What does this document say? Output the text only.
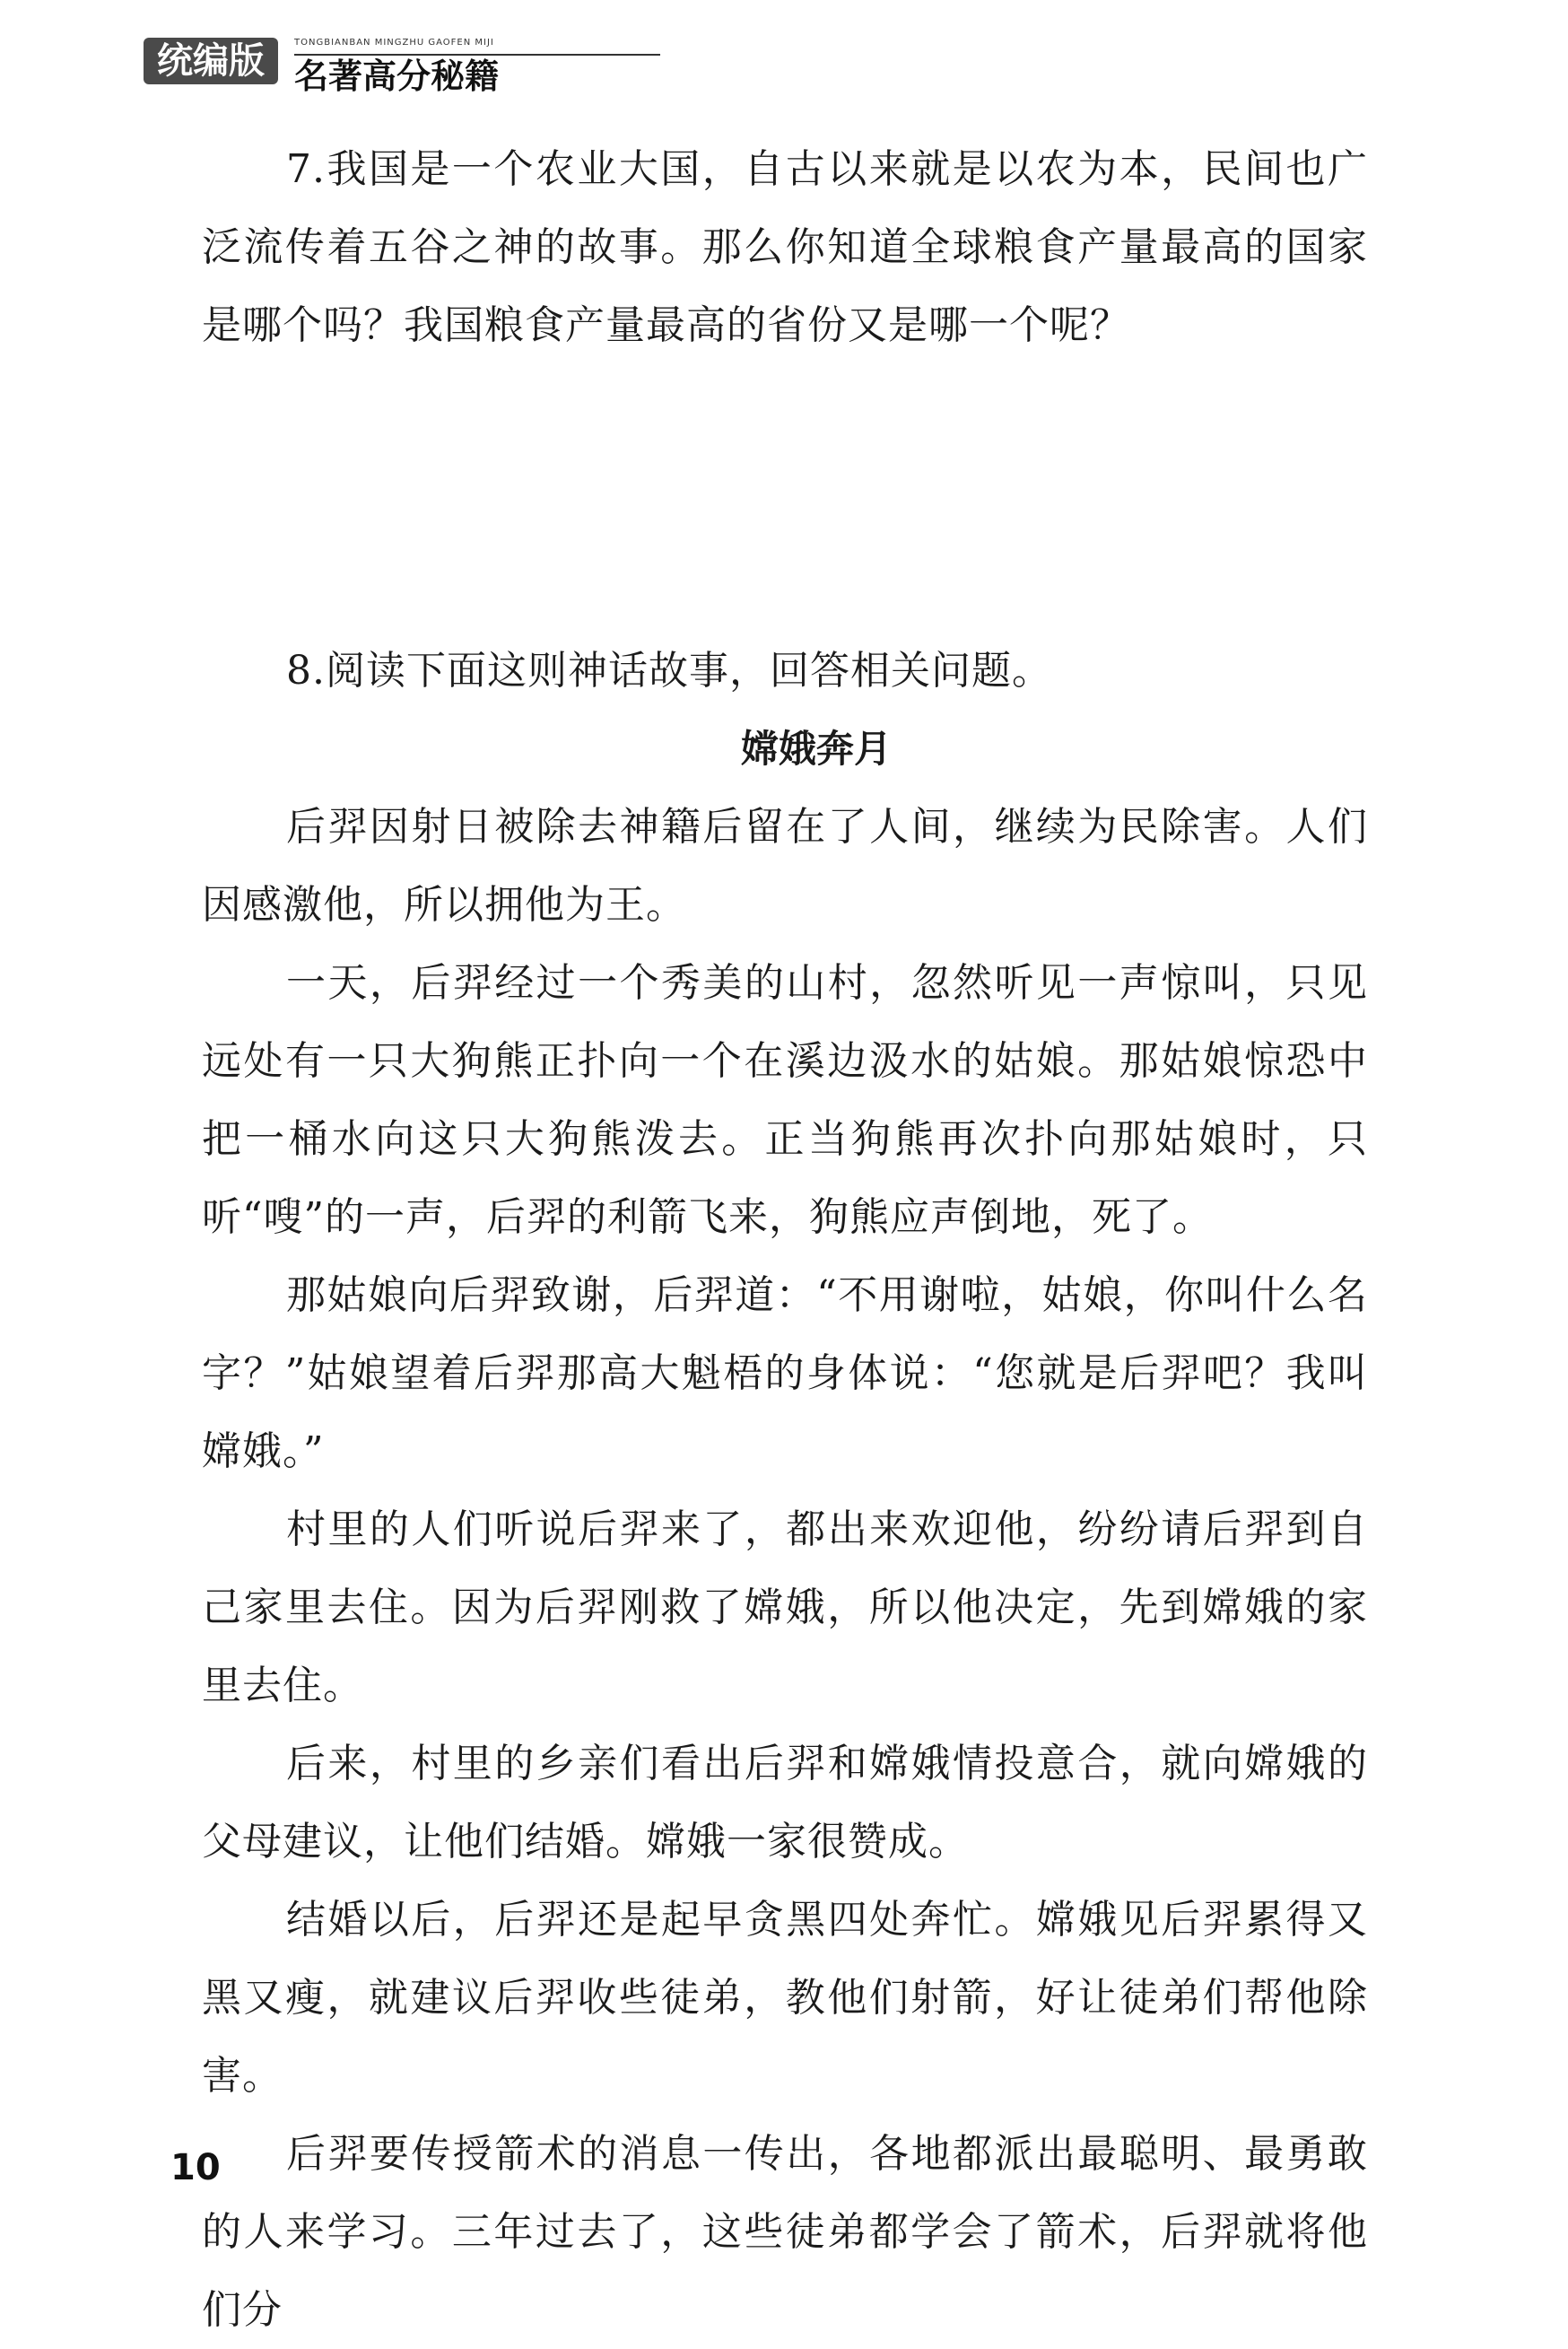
统编版	TONGBIANBAN MINGZHU GAOFEN MIJI
名著高分秘籍

7.我国是一个农业大国，自古以来就是以农为本，民间也广泛流传着五谷之神的故事。那么你知道全球粮食产量最高的国家是哪个吗？我国粮食产量最高的省份又是哪一个呢？

8.阅读下面这则神话故事，回答相关问题。

嫦娥奔月

后羿因射日被除去神籍后留在了人间，继续为民除害。人们因感激他，所以拥他为王。

一天，后羿经过一个秀美的山村，忽然听见一声惊叫，只见远处有一只大狗熊正扑向一个在溪边汲水的姑娘。那姑娘惊恐中把一桶水向这只大狗熊泼去。正当狗熊再次扑向那姑娘时，只听“嗖”的一声，后羿的利箭飞来，狗熊应声倒地，死了。

那姑娘向后羿致谢，后羿道：“不用谢啦，姑娘，你叫什么名字？”姑娘望着后羿那高大魁梧的身体说：“您就是后羿吧？我叫嫦娥。”

村里的人们听说后羿来了，都出来欢迎他，纷纷请后羿到自己家里去住。因为后羿刚救了嫦娥，所以他决定，先到嫦娥的家里去住。

后来，村里的乡亲们看出后羿和嫦娥情投意合，就向嫦娥的父母建议，让他们结婚。嫦娥一家很赞成。

结婚以后，后羿还是起早贪黑四处奔忙。嫦娥见后羿累得又黑又瘦，就建议后羿收些徒弟，教他们射箭，好让徒弟们帮他除害。

后羿要传授箭术的消息一传出，各地都派出最聪明、最勇敢的人来学习。三年过去了，这些徒弟都学会了箭术，后羿就将他们分

10
